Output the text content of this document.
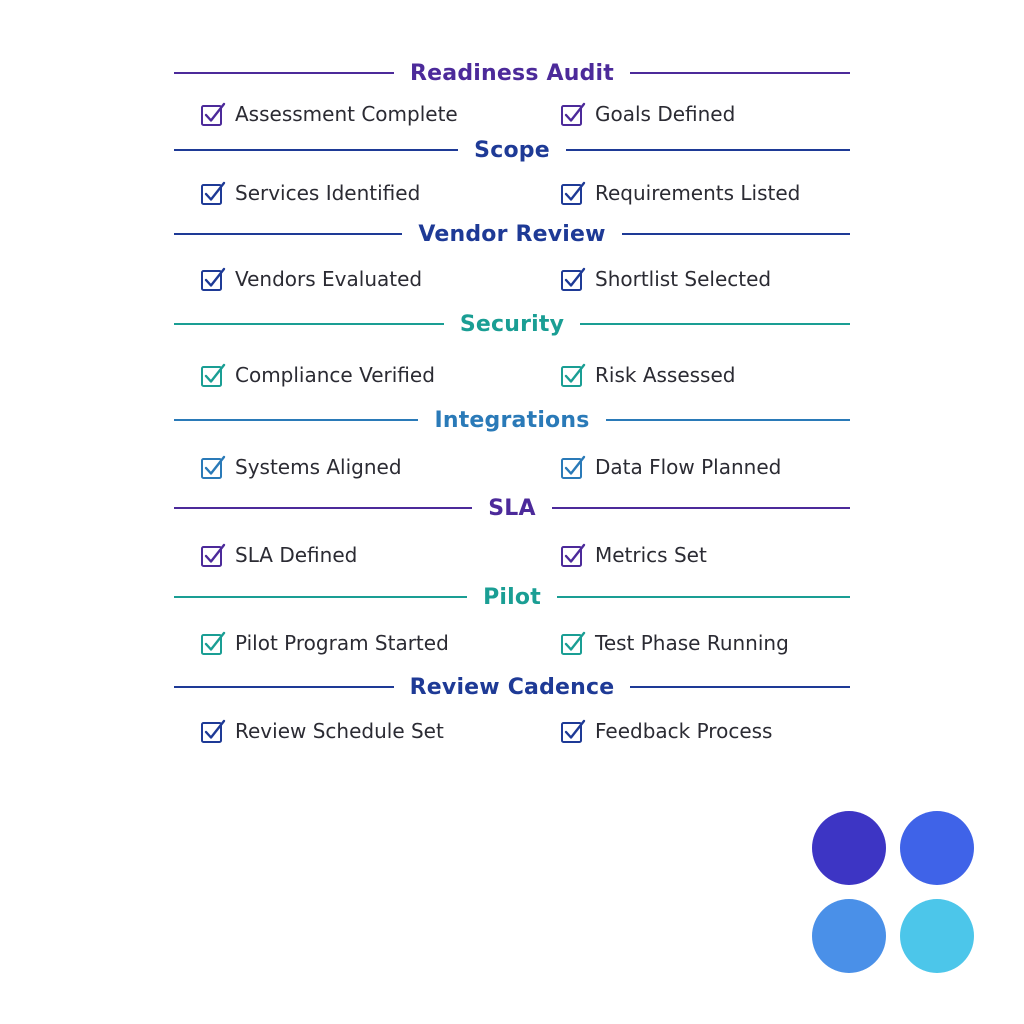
Readiness Audit
Assessment Complete	Goals Defined
Scope
Services Identified	Requirements Listed
Vendor Review
Vendors Evaluated	Shortlist Selected
Security
Compliance Verified	Risk Assessed
Integrations
Systems Aligned	Data Flow Planned
SLA
SLA Defined	Metrics Set
Pilot
Pilot Program Started	Test Phase Running
Review Cadence
Review Schedule Set	Feedback Process
